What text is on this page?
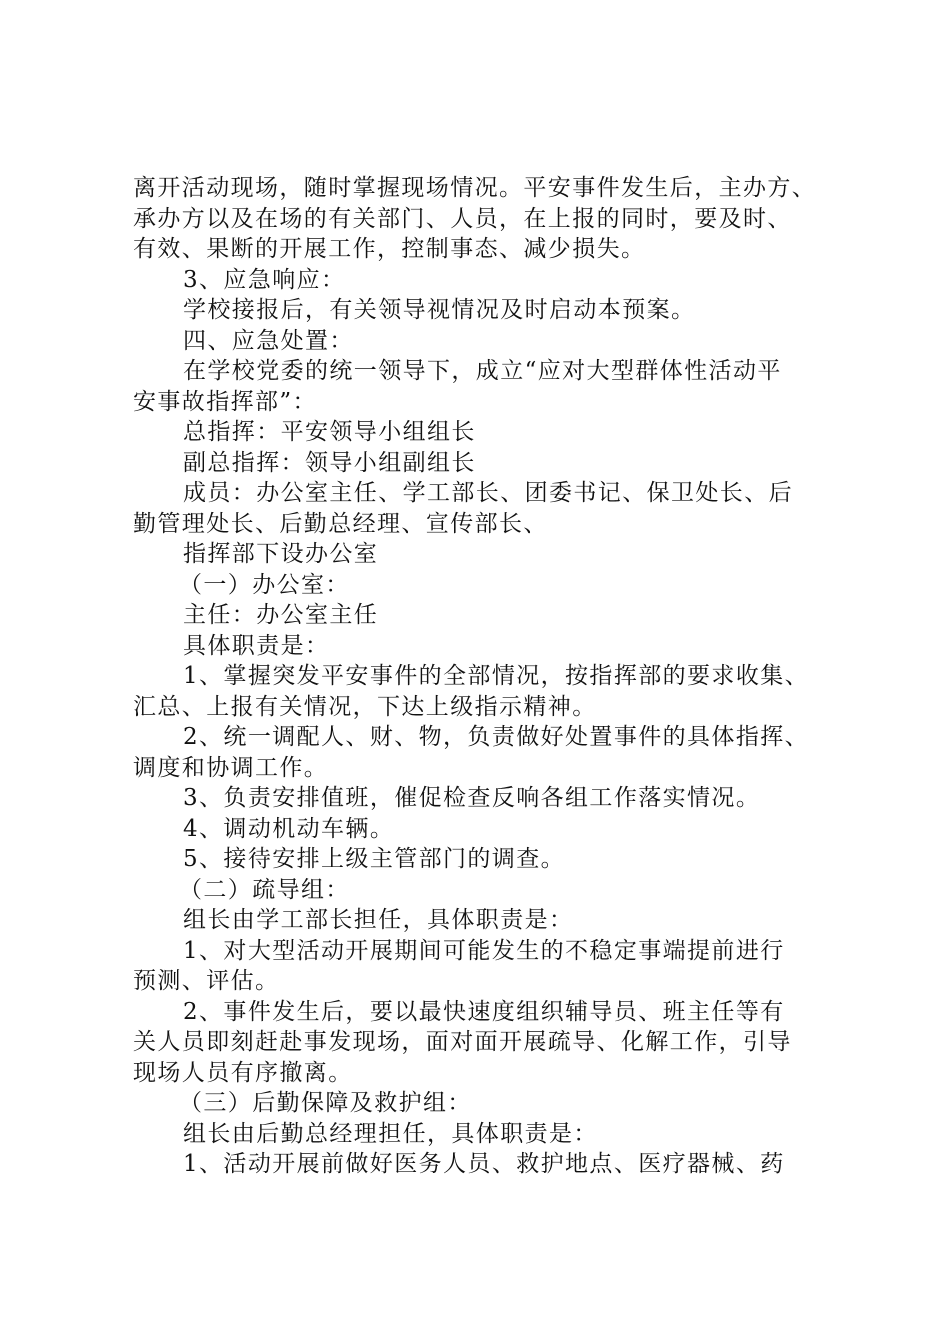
离开活动现场，随时掌握现场情况。平安事件发生后，主办方、
承办方以及在场的有关部门、人员，在上报的同时，要及时、
有效、果断的开展工作，控制事态、减少损失。
3、应急响应：
学校接报后，有关领导视情况及时启动本预案。
四、应急处置：
在学校党委的统一领导下，成立“应对大型群体性活动平
安事故指挥部”：
总指挥：平安领导小组组长
副总指挥：领导小组副组长
成员：办公室主任、学工部长、团委书记、保卫处长、后
勤管理处长、后勤总经理、宣传部长、
指挥部下设办公室
（一）办公室：
主任：办公室主任
具体职责是：
1、掌握突发平安事件的全部情况，按指挥部的要求收集、
汇总、上报有关情况，下达上级指示精神。
2、统一调配人、财、物，负责做好处置事件的具体指挥、
调度和协调工作。
3、负责安排值班，催促检查反响各组工作落实情况。
4、调动机动车辆。
5、接待安排上级主管部门的调查。
（二）疏导组：
组长由学工部长担任，具体职责是：
1、对大型活动开展期间可能发生的不稳定事端提前进行
预测、评估。
2、事件发生后，要以最快速度组织辅导员、班主任等有
关人员即刻赶赴事发现场，面对面开展疏导、化解工作，引导
现场人员有序撤离。
（三）后勤保障及救护组：
组长由后勤总经理担任，具体职责是：
1、活动开展前做好医务人员、救护地点、医疗器械、药
